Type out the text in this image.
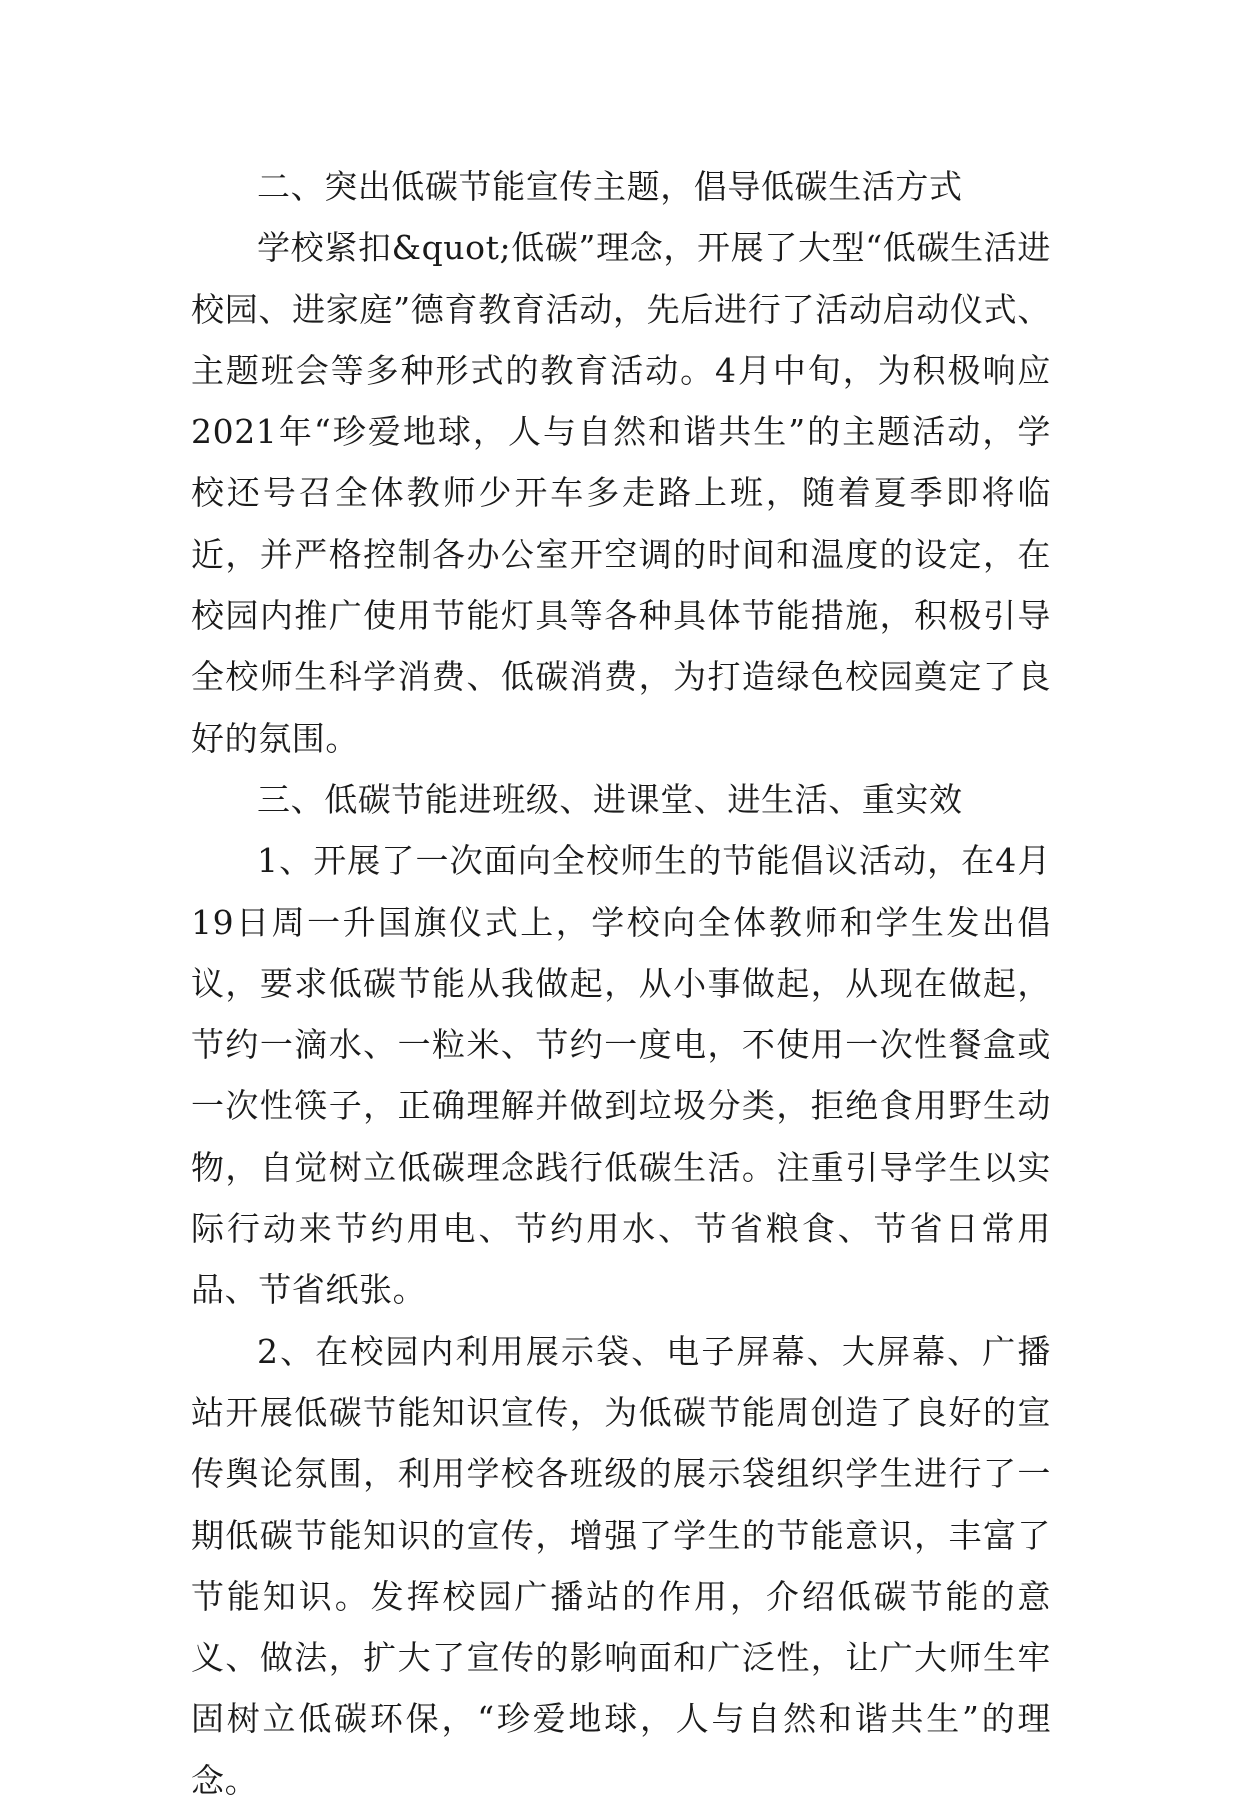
二、突出低碳节能宣传主题，倡导低碳生活方式

学校紧扣&quot;低碳”理念，开展了大型“低碳生活进校园、进家庭”德育教育活动，先后进行了活动启动仪式、主题班会等多种形式的教育活动。4月中旬，为积极响应2021年“珍爱地球，人与自然和谐共生”的主题活动，学校还号召全体教师少开车多走路上班，随着夏季即将临近，并严格控制各办公室开空调的时间和温度的设定，在校园内推广使用节能灯具等各种具体节能措施，积极引导全校师生科学消费、低碳消费，为打造绿色校园奠定了良好的氛围。

三、低碳节能进班级、进课堂、进生活、重实效

1、开展了一次面向全校师生的节能倡议活动，在4月19日周一升国旗仪式上，学校向全体教师和学生发出倡议，要求低碳节能从我做起，从小事做起，从现在做起，节约一滴水、一粒米、节约一度电，不使用一次性餐盒或一次性筷子，正确理解并做到垃圾分类，拒绝食用野生动物，自觉树立低碳理念践行低碳生活。注重引导学生以实际行动来节约用电、节约用水、节省粮食、节省日常用品、节省纸张。

2、在校园内利用展示袋、电子屏幕、大屏幕、广播站开展低碳节能知识宣传，为低碳节能周创造了良好的宣传舆论氛围，利用学校各班级的展示袋组织学生进行了一期低碳节能知识的宣传，增强了学生的节能意识，丰富了节能知识。发挥校园广播站的作用，介绍低碳节能的意义、做法，扩大了宣传的影响面和广泛性，让广大师生牢固树立低碳环保，“珍爱地球，人与自然和谐共生”的理念。
